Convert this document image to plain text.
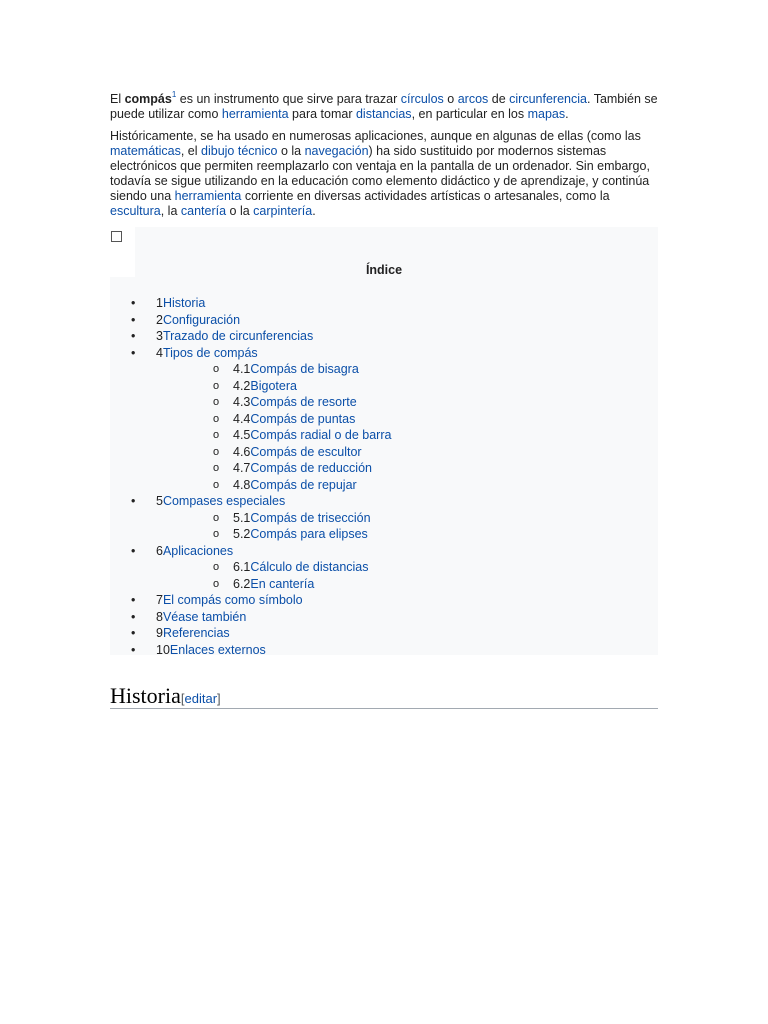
El compás$^1$ es un instrumento que sirve para trazar círculos o arcos de circunferencia. También se puede utilizar como herramienta para tomar distancias, en particular en los mapas.

Históricamente, se ha usado en numerosas aplicaciones, aunque en algunas de ellas (como las matemáticas, el dibujo técnico o la navegación) ha sido sustituido por modernos sistemas electrónicos que permiten reemplazarlo con ventaja en la pantalla de un ordenador. Sin embargo, todavía se sigue utilizando en la educación como elemento didáctico y de aprendizaje, y continúa siendo una herramienta corriente en diversas actividades artísticas o artesanales, como la escultura, la cantería o la carpintería.

Índice
• 1Historia
• 2Configuración
• 3Trazado de circunferencias
• 4Tipos de compás
o 4.1Compás de bisagra
o 4.2Bigotera
o 4.3Compás de resorte
o 4.4Compás de puntas
o 4.5Compás radial o de barra
o 4.6Compás de escultor
o 4.7Compás de reducción
o 4.8Compás de repujar
• 5Compases especiales
o 5.1Compás de trisección
o 5.2Compás para elipses
• 6Aplicaciones
o 6.1Cálculo de distancias
o 6.2En cantería
• 7El compás como símbolo
• 8Véase también
• 9Referencias
• 10Enlaces externos
Historia[editar]
